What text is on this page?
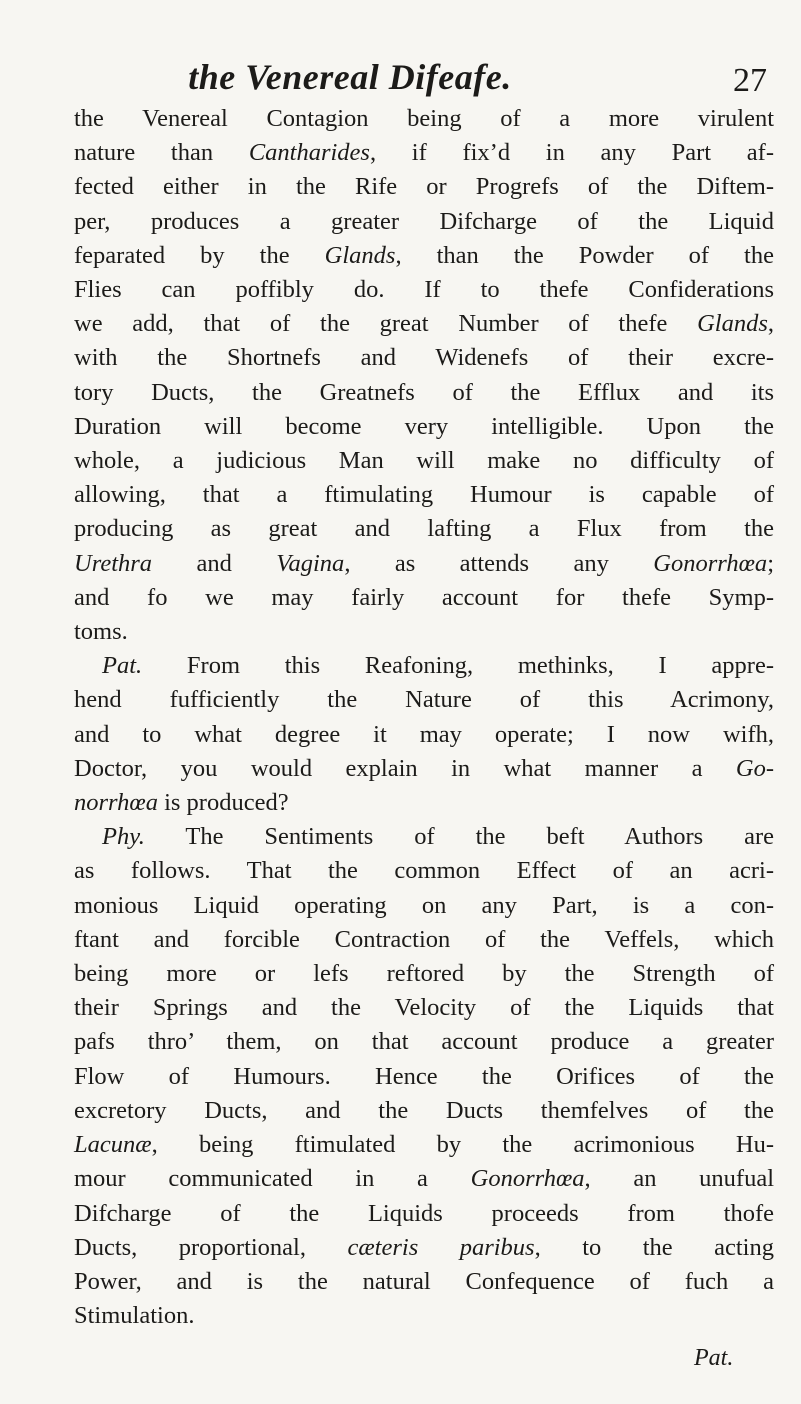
the Venereal Difeafe.	27
the Venereal Contagion being of a more virulent
nature than Cantharides, if fix’d in any Part af-
fected either in the Rife or Progrefs of the Diftem-
per, produces a greater Difcharge of the Liquid
feparated by the Glands, than the Powder of the
Flies can poffibly do. If to thefe Confiderations
we add, that of the great Number of thefe Glands,
with the Shortnefs and Widenefs of their excre-
tory Ducts, the Greatnefs of the Efflux and its
Duration will become very intelligible. Upon the
whole, a judicious Man will make no difficulty of
allowing, that a ftimulating Humour is capable of
producing as great and lafting a Flux from the
Urethra and Vagina, as attends any Gonorrhœa;
and fo we may fairly account for thefe Symp-
toms.
Pat. From this Reafoning, methinks, I appre-
hend fufficiently the Nature of this Acrimony,
and to what degree it may operate; I now wifh,
Doctor, you would explain in what manner a Go-
norrhœa is produced?
Phy. The Sentiments of the beft Authors are
as follows. That the common Effect of an acri-
monious Liquid operating on any Part, is a con-
ftant and forcible Contraction of the Veffels, which
being more or lefs reftored by the Strength of
their Springs and the Velocity of the Liquids that
pafs thro’ them, on that account produce a greater
Flow of Humours. Hence the Orifices of the
excretory Ducts, and the Ducts themfelves of the
Lacunæ, being ftimulated by the acrimonious Hu-
mour communicated in a Gonorrhœa, an unufual
Difcharge of the Liquids proceeds from thofe
Ducts, proportional, cæteris paribus, to the acting
Power, and is the natural Confequence of fuch a
Stimulation.
Pat.
